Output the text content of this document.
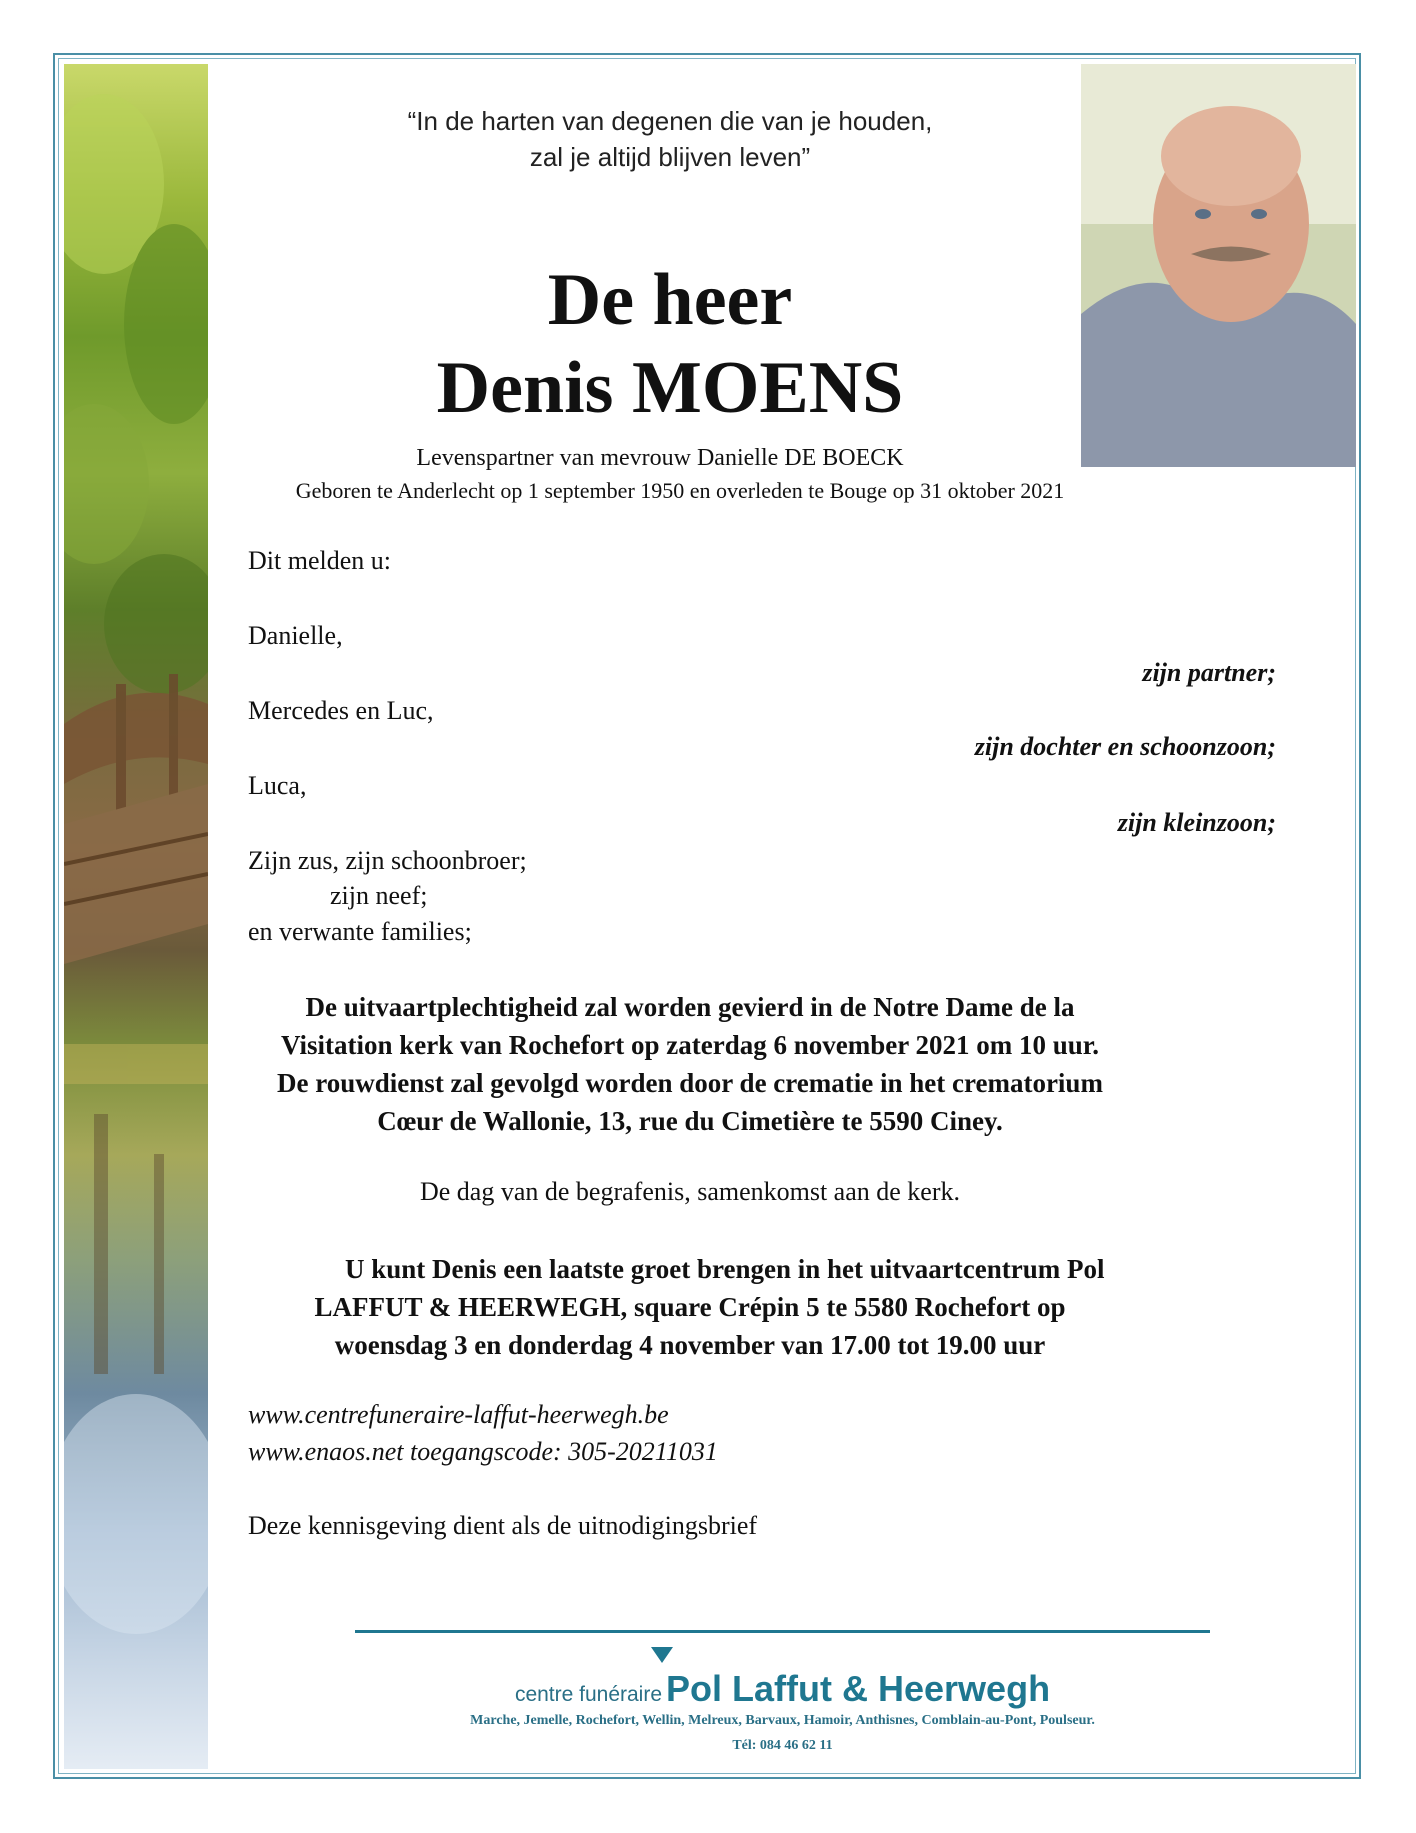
“In de harten van degenen die van je houden,
zal je altijd blijven leven”
De heer
Denis MOENS
Levenspartner van mevrouw Danielle DE BOECK
Geboren te Anderlecht op 1 september 1950 en overleden te Bouge op 31 oktober 2021
Dit melden u:
Danielle,
zijn partner;
Mercedes en Luc,
zijn dochter en schoonzoon;
Luca,
zijn kleinzoon;
Zijn zus, zijn schoonbroer;
zijn neef;
en verwante families;
De uitvaartplechtigheid zal worden gevierd in de Notre Dame de la
Visitation kerk van Rochefort op zaterdag 6 november 2021 om 10 uur.
De rouwdienst zal gevolgd worden door de crematie in het crematorium
Cœur de Wallonie, 13, rue du Cimetière te 5590 Ciney.
De dag van de begrafenis, samenkomst aan de kerk.
U kunt Denis een laatste groet brengen in het uitvaartcentrum Pol
LAFFUT & HEERWEGH, square Crépin 5 te 5580 Rochefort op
woensdag 3 en donderdag 4 november van 17.00 tot 19.00 uur
www.centrefuneraire-laffut-heerwegh.be
www.enaos.net toegangscode: 305-20211031
Deze kennisgeving dient als de uitnodigingsbrief
centre funéraire Pol Laffut & Heerwegh
Marche, Jemelle, Rochefort, Wellin, Melreux, Barvaux, Hamoir, Anthisnes, Comblain-au-Pont, Poulseur.
Tél: 084 46 62 11
